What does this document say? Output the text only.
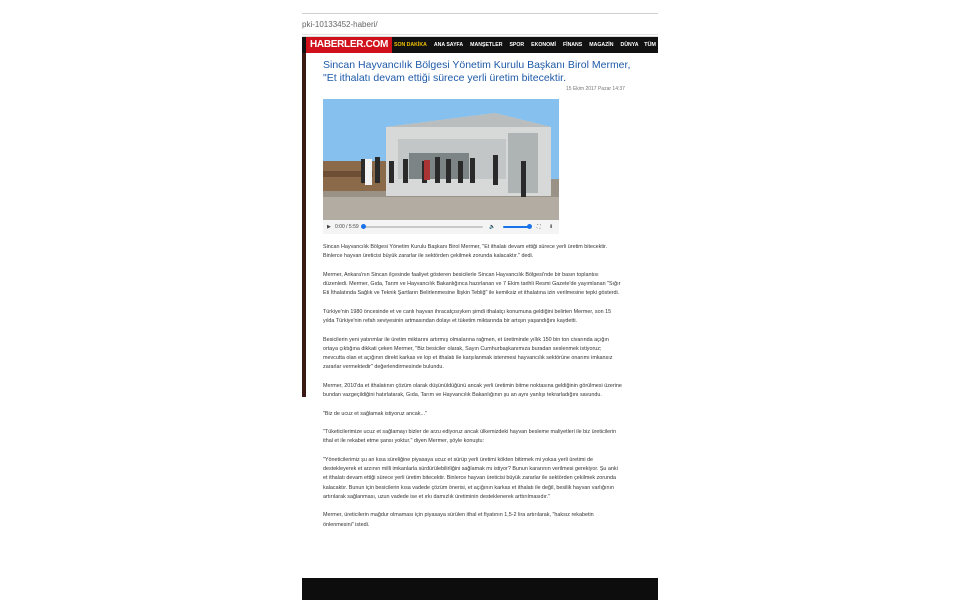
pki-10133452-haberi/
HABERLER.COM	SON DAKİKA ANA SAYFA MANŞETLER SPOR EKONOMİ FİNANS MAGAZİN DÜNYA TÜM
Sincan Hayvancılık Bölgesi Yönetim Kurulu Başkanı Birol Mermer, "Et ithalatı devam ettiği sürece yerli üretim bitecektir.
15 Ekim 2017 Pazar 14:37
▶ 0:00 / 5:59	🔈	⛶ ⬇

Sincan Hayvancılık Bölgesi Yönetim Kurulu Başkanı Birol Mermer, "Et ithalatı devam ettiği sürece yerli üretim bitecektir. Binlerce hayvan üreticisi büyük zararlar ile sektörden çekilmek zorunda kalacaktır." dedi.

Mermer, Ankara'nın Sincan ilçesinde faaliyet gösteren besicilerle Sincan Hayvancılık Bölgesi'nde bir basın toplantısı düzenledi. Mermer, Gıda, Tarım ve Hayvancılık Bakanlığınca hazırlanan ve 7 Ekim tarihli Resmi Gazete'de yayımlanan "Sığır Eti İthalatında Sağlık ve Teknik Şartların Belirlenmesine İlişkin Tebliğ" ile kemiksiz et ithalatına izin verilmesine tepki gösterdi.

Türkiye'nin 1980 öncesinde et ve canlı hayvan ihracatçısıyken şimdi ithalatçı konumuna geldiğini belirten Mermer, son 15 yılda Türkiye'nin refah seviyesinin artmasından dolayı et tüketim miktarında bir artışın yaşandığını kaydetti.

Besicilerin yeni yatırımlar ile üretim miktarını artırmış olmalarına rağmen, et üretiminde yıllık 150 bin ton civarında açığın ortaya çıktığına dikkati çeken Mermer, "Biz besiciler olarak, Sayın Cumhurbaşkanımıza buradan seslenmek istiyoruz; mevcutta olan et açığının direkt karkas ve lop et ithalatı ile karşılanmak istenmesi hayvancılık sektörüne onarımı imkansız zararlar vermektedir" değerlendirmesinde bulundu.

Mermer, 2010'da et ithalatının çözüm olarak düşünüldüğünü ancak yerli üretimin bitme noktasına geldiğinin görülmesi üzerine bundan vazgeçildiğini hatırlatarak, Gıda, Tarım ve Hayvancılık Bakanlığının şu an aynı yanlışı tekrarladığını savundu.

"Biz de ucuz et sağlamak istiyoruz ancak..."

"Tüketicilerimize ucuz et sağlamayı bizler de arzu ediyoruz ancak ülkemizdeki hayvan besleme maliyetleri ile biz üreticilerin ithal et ile rekabet etme şansı yoktur." diyen Mermer, şöyle konuştu:

"Yöneticilerimiz şu an kısa süreliğine piyasaya ucuz et sürüp yerli üretimi kökten bitirmek mi yoksa yerli üretimi de destekleyerek et arzının milli imkanlarla sürdürülebilirliğini sağlamak mı istiyor? Bunun kararının verilmesi gerekiyor. Şu anki et ithalatı devam ettiği sürece yerli üretim bitecektir. Binlerce hayvan üreticisi büyük zararlar ile sektörden çekilmek zorunda kalacaktır. Bunun için besicilerin kısa vadede çözüm önerisi, et açığının karkas et ithalatı ile değil, besilik hayvan varlığının artırılarak sağlanması, uzun vadede ise et ırkı damızlık üretiminin desteklenerek arttırılmasıdır."

Mermer, üreticilerin mağdur olmaması için piyasaya sürülen ithal et fiyatının 1,5-2 lira artırılarak, "haksız rekabetin önlenmesini" istedi.
